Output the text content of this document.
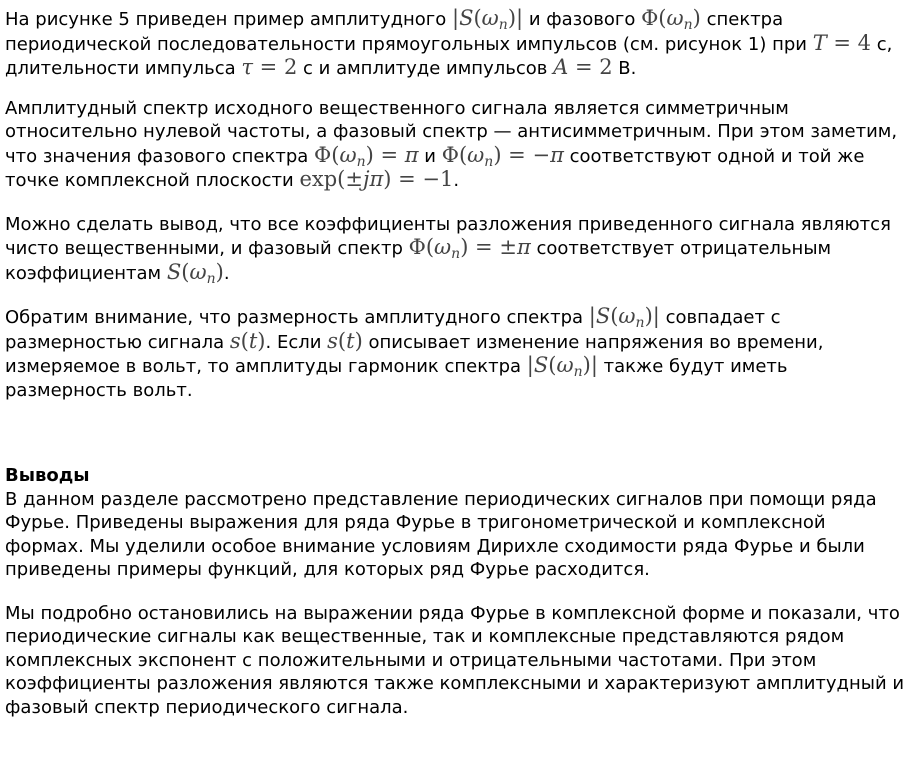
На рисунке 5 приведен пример амплитудного $|S(\omega_n)|$ и фазового $\Phi(\omega_n)$ спектра периодической последовательности прямоугольных импульсов (см. рисунок 1) при T = 4 с, длительности импульса τ = 2 с и амплитуде импульсов A = 2 В.

Амплитудный спектр исходного вещественного сигнала является симметричным относительно нулевой частоты, а фазовый спектр — антисимметричным. При этом заметим, что значения фазового спектра $\Phi(\omega_n) = \pi$ и $\Phi(\omega_n) = -\pi$ соответствуют одной и той же точке комплексной плоскости exp(±jπ) = −1.

Можно сделать вывод, что все коэффициенты разложения приведенного сигнала являются чисто вещественными, и фазовый спектр $\Phi(\omega_n) = \pm\pi$ соответствует отрицательным коэффициентам $S(\omega_n)$.

Обратим внимание, что размерность амплитудного спектра $|S(\omega_n)|$ совпадает с размерностью сигнала s(t). Если s(t) описывает изменение напряжения во времени, измеряемое в вольт, то амплитуды гармоник спектра $|S(\omega_n)|$ также будут иметь размерность вольт.

Выводы

В данном разделе рассмотрено представление периодических сигналов при помощи ряда Фурье. Приведены выражения для ряда Фурье в тригонометрической и комплексной формах. Мы уделили особое внимание условиям Дирихле сходимости ряда Фурье и были приведены примеры функций, для которых ряд Фурье расходится.

Мы подробно остановились на выражении ряда Фурье в комплексной форме и показали, что периодические сигналы как вещественные, так и комплексные представляются рядом комплексных экспонент с положительными и отрицательными частотами. При этом коэффициенты разложения являются также комплексными и характеризуют амплитудный и фазовый спектр периодического сигнала.
